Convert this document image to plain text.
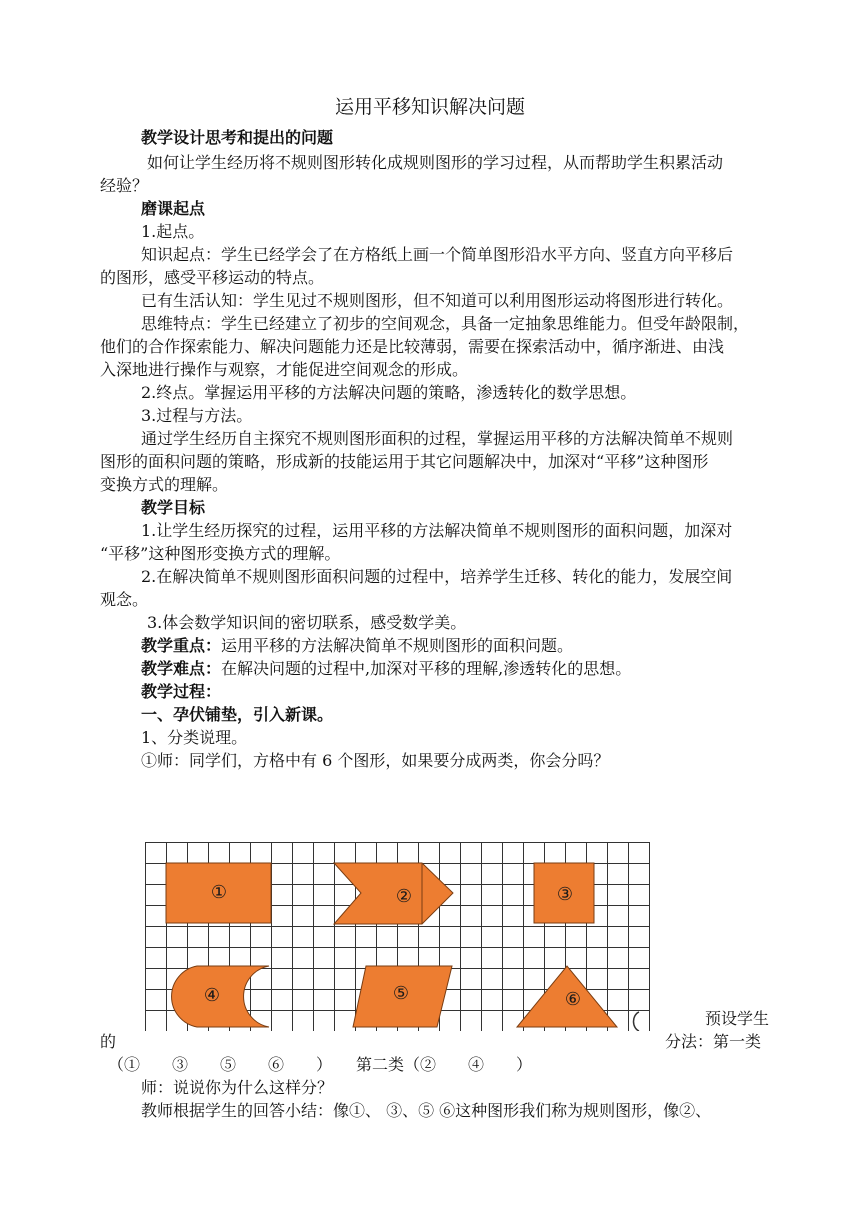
运用平移知识解决问题
教学设计思考和提出的问题
如何让学生经历将不规则图形转化成规则图形的学习过程，从而帮助学生积累活动
经验？
磨课起点
1.起点。
知识起点：学生已经学会了在方格纸上画一个简单图形沿水平方向、竖直方向平移后
的图形，感受平移运动的特点。
已有生活认知：学生见过不规则图形，但不知道可以利用图形运动将图形进行转化。
思维特点：学生已经建立了初步的空间观念，具备一定抽象思维能力。但受年龄限制，
他们的合作探索能力、解决问题能力还是比较薄弱，需要在探索活动中，循序渐进、由浅
入深地进行操作与观察，才能促进空间观念的形成。
2.终点。掌握运用平移的方法解决问题的策略，渗透转化的数学思想。
3.过程与方法。
通过学生经历自主探究不规则图形面积的过程，掌握运用平移的方法解决简单不规则
图形的面积问题的策略，形成新的技能运用于其它问题解决中，加深对“平移”这种图形
变换方式的理解。
教学目标
1.让学生经历探究的过程，运用平移的方法解决简单不规则图形的面积问题，加深对
“平移”这种图形变换方式的理解。
2.在解决简单不规则图形面积问题的过程中，培养学生迁移、转化的能力，发展空间
观念。
3.体会数学知识间的密切联系，感受数学美。
教学重点：运用平移的方法解决简单不规则图形的面积问题。
教学难点：在解决问题的过程中,加深对平移的理解,渗透转化的思想。
教学过程：
一、孕伏铺垫，引入新课。
1、分类说理。
①师：同学们，方格中有 6 个图形，如果要分成两类，你会分吗？
①	②	③
④	⑤	⑥
预设学生
的	分法：第一类
（①　　③　　⑤　　⑥　　）　　第二类（②　　④　　）
师：说说你为什么这样分？
教师根据学生的回答小结：像①、 ③、⑤ ⑥这种图形我们称为规则图形，像②、
